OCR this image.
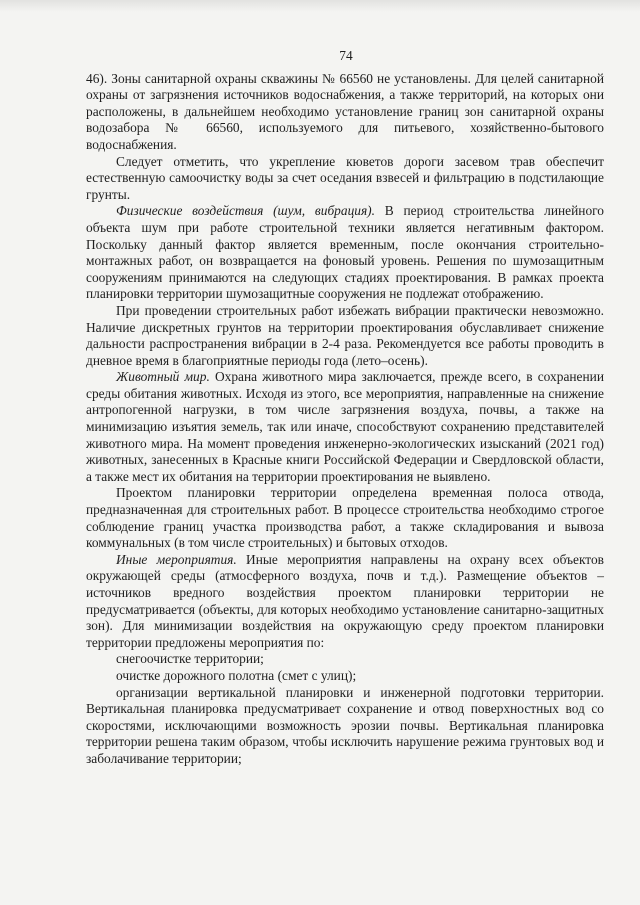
74

46). Зоны санитарной охраны скважины № 66560 не установлены. Для целей санитарной охраны от загрязнения источников водоснабжения, а также территорий, на которых они расположены, в дальнейшем необходимо установление границ зон санитарной охраны водозабора № 66560, используемого для питьевого, хозяйственно-бытового водоснабжения.

Следует отметить, что укрепление кюветов дороги засевом трав обеспечит естественную самоочистку воды за счет оседания взвесей и фильтрацию в подстилающие грунты.

Физические воздействия (шум, вибрация). В период строительства линейного объекта шум при работе строительной техники является негативным фактором. Поскольку данный фактор является временным, после окончания строительно-монтажных работ, он возвращается на фоновый уровень. Решения по шумозащитным сооружениям принимаются на следующих стадиях проектирования. В рамках проекта планировки территории шумозащитные сооружения не подлежат отображению.

При проведении строительных работ избежать вибрации практически невозможно. Наличие дискретных грунтов на территории проектирования обуславливает снижение дальности распространения вибрации в 2-4 раза. Рекомендуется все работы проводить в дневное время в благоприятные периоды года (лето–осень).

Животный мир. Охрана животного мира заключается, прежде всего, в сохранении среды обитания животных. Исходя из этого, все мероприятия, направленные на снижение антропогенной нагрузки, в том числе загрязнения воздуха, почвы, а также на минимизацию изъятия земель, так или иначе, способствуют сохранению представителей животного мира. На момент проведения инженерно-экологических изысканий (2021 год) животных, занесенных в Красные книги Российской Федерации и Свердловской области, а также мест их обитания на территории проектирования не выявлено.

Проектом планировки территории определена временная полоса отвода, предназначенная для строительных работ. В процессе строительства необходимо строгое соблюдение границ участка производства работ, а также складирования и вывоза коммунальных (в том числе строительных) и бытовых отходов.

Иные мероприятия. Иные мероприятия направлены на охрану всех объектов окружающей среды (атмосферного воздуха, почв и т.д.). Размещение объектов – источников вредного воздействия проектом планировки территории не предусматривается (объекты, для которых необходимо установление санитарно-защитных зон). Для минимизации воздействия на окружающую среду проектом планировки территории предложены мероприятия по:

снегоочистке территории;

очистке дорожного полотна (смет с улиц);

организации вертикальной планировки и инженерной подготовки территории. Вертикальная планировка предусматривает сохранение и отвод поверхностных вод со скоростями, исключающими возможность эрозии почвы. Вертикальная планировка территории решена таким образом, чтобы исключить нарушение режима грунтовых вод и заболачивание территории;
